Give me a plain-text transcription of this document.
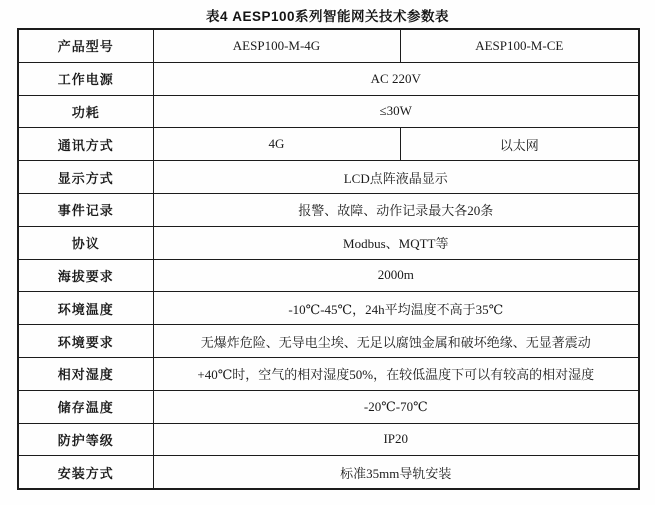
表4 AESP100系列智能网关技术参数表
产品型号	AESP100-M-4G	AESP100-M-CE
工作电源	AC 220V	
功耗	≤30W	
通讯方式	4G	以太网
显示方式	LCD点阵液晶显示	
事件记录	报警、故障、动作记录最大各20条	
协议	Modbus、MQTT等	
海拔要求	2000m	
环境温度	-10℃-45℃，24h平均温度不高于35℃	
环境要求	无爆炸危险、无导电尘埃、无足以腐蚀金属和破坏绝缘、无显著震动	
相对湿度	+40℃时，空气的相对湿度50%，在较低温度下可以有较高的相对湿度	
储存温度	-20℃-70℃	
防护等级	IP20	
安装方式	标准35mm导轨安装	
